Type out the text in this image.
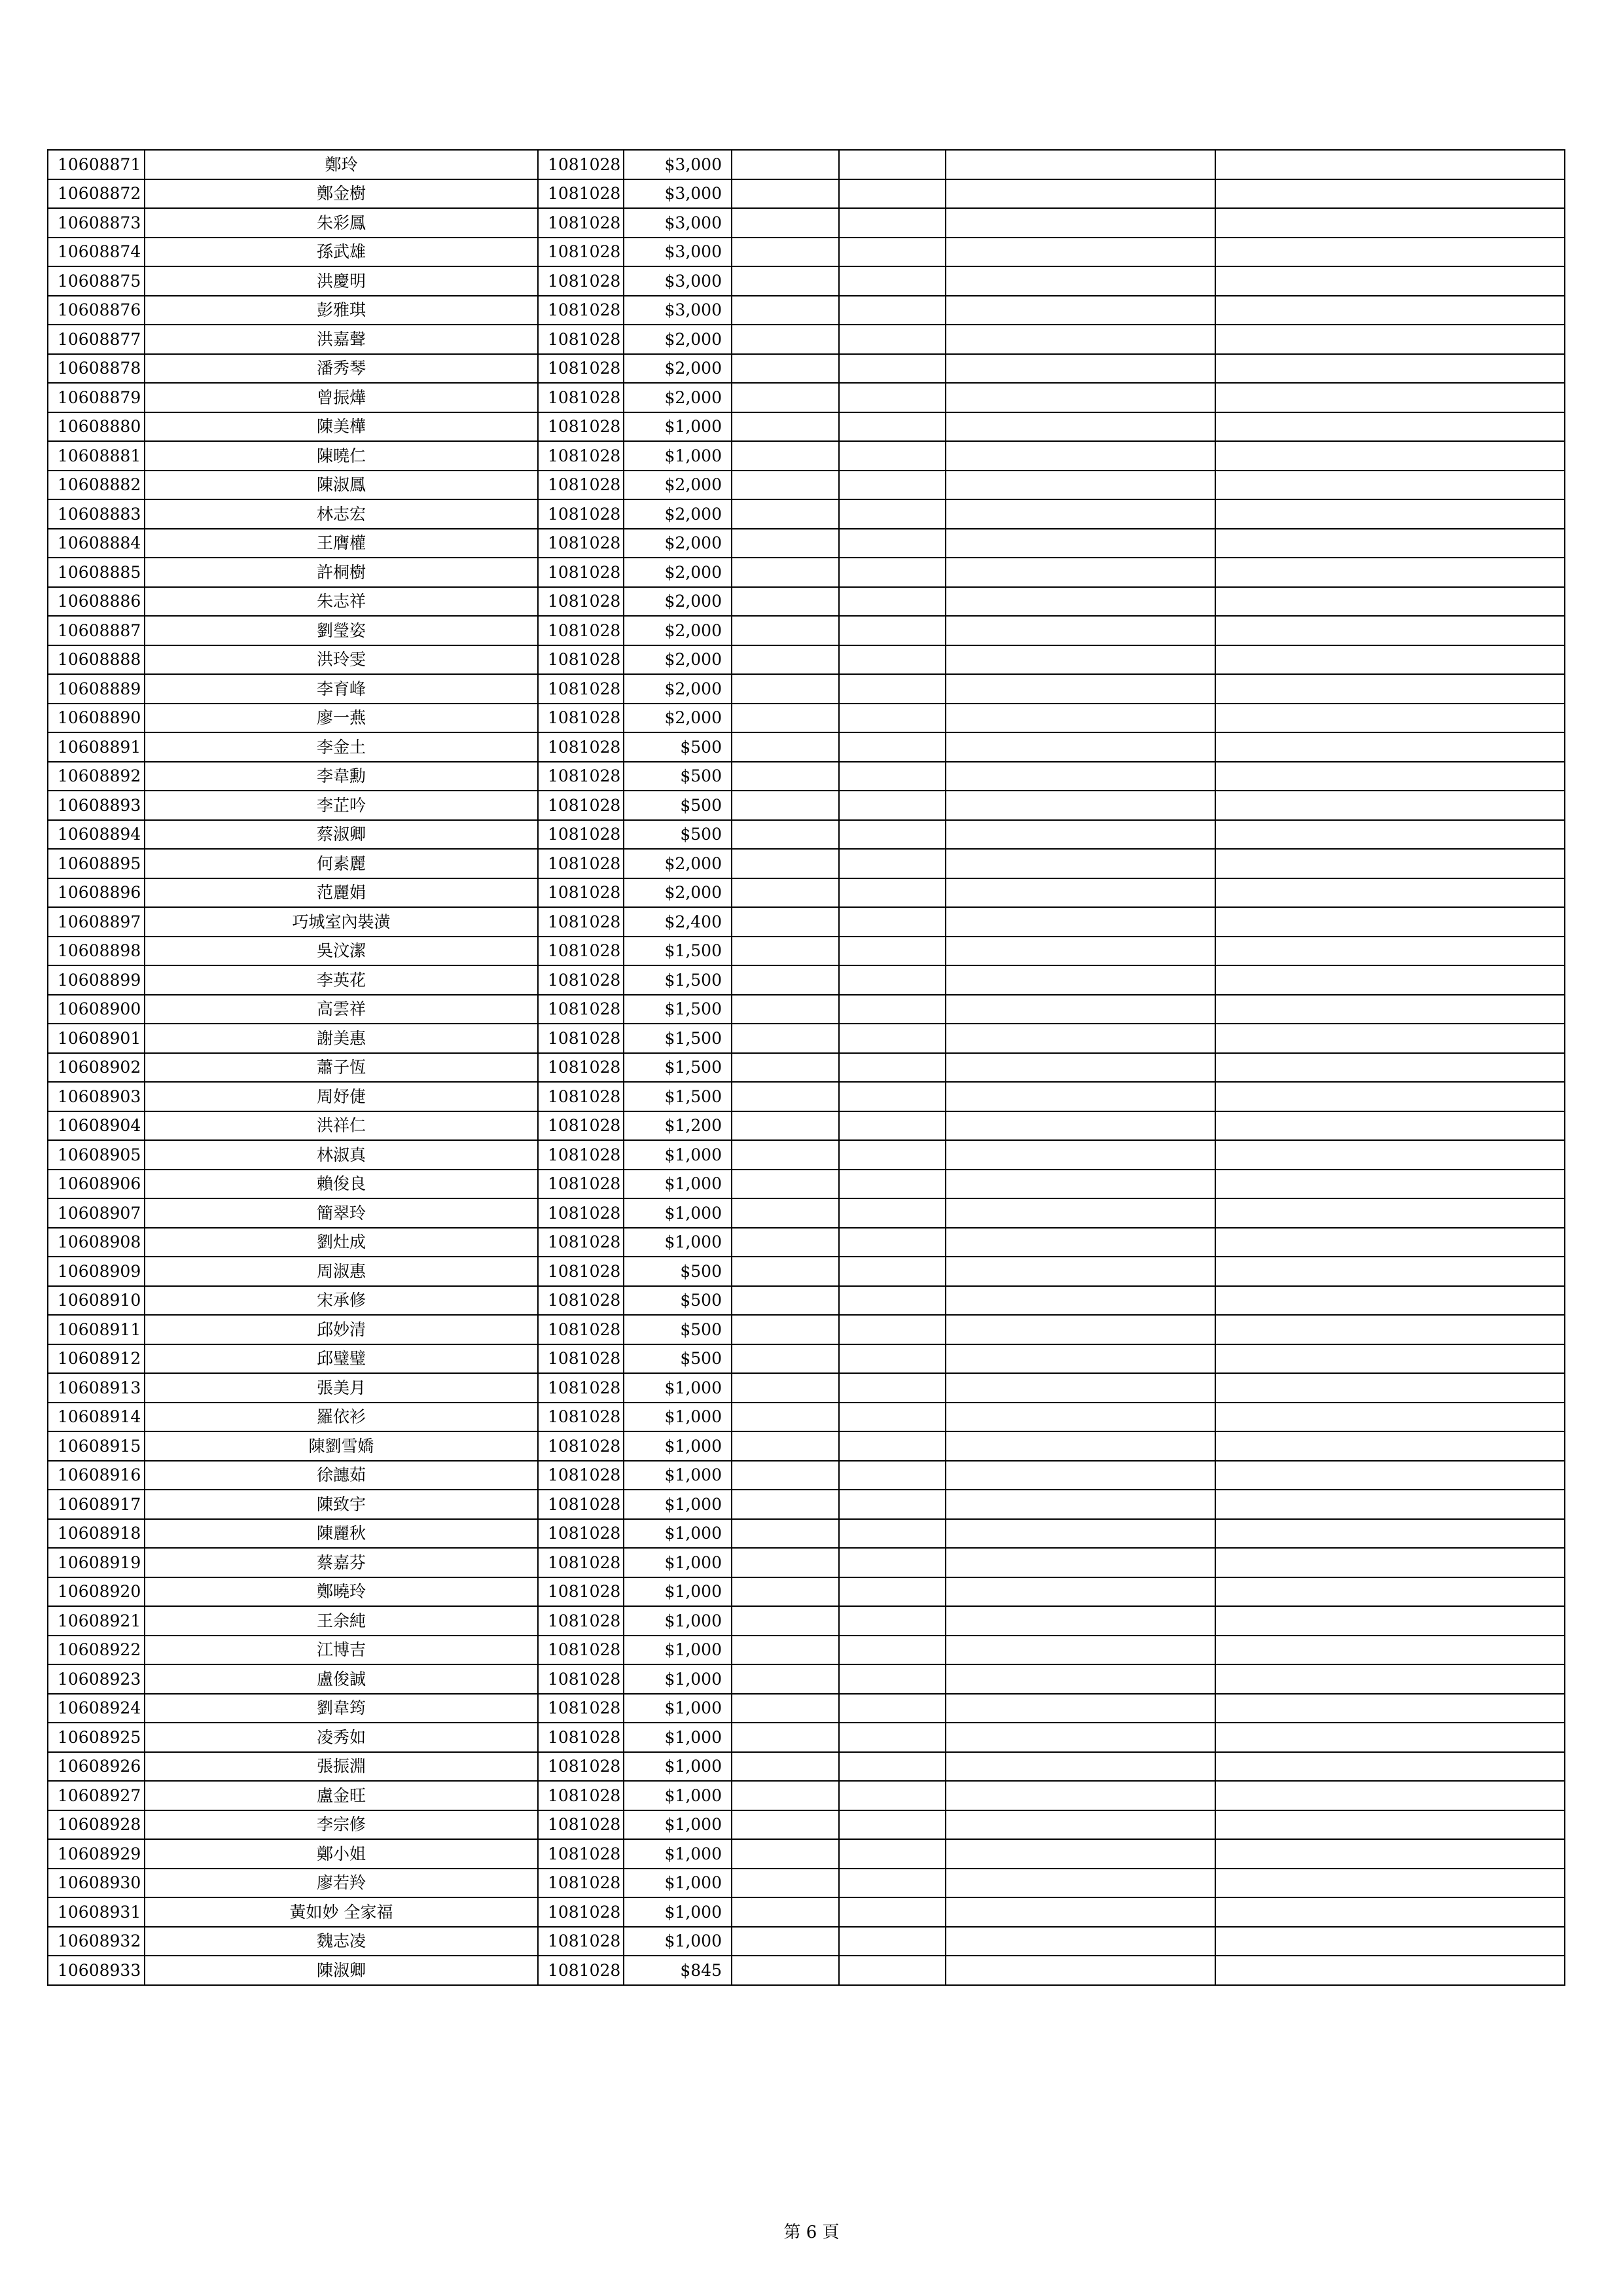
10608871	鄭玲	1081028	$3,000				
10608872	鄭金樹	1081028	$3,000				
10608873	朱彩鳳	1081028	$3,000				
10608874	孫武雄	1081028	$3,000				
10608875	洪慶明	1081028	$3,000				
10608876	彭雅琪	1081028	$3,000				
10608877	洪嘉聲	1081028	$2,000				
10608878	潘秀琴	1081028	$2,000				
10608879	曾振燁	1081028	$2,000				
10608880	陳美樺	1081028	$1,000				
10608881	陳曉仁	1081028	$1,000				
10608882	陳淑鳳	1081028	$2,000				
10608883	林志宏	1081028	$2,000				
10608884	王膺權	1081028	$2,000				
10608885	許桐樹	1081028	$2,000				
10608886	朱志祥	1081028	$2,000				
10608887	劉瑩姿	1081028	$2,000				
10608888	洪玲雯	1081028	$2,000				
10608889	李育峰	1081028	$2,000				
10608890	廖一燕	1081028	$2,000				
10608891	李金土	1081028	$500				
10608892	李韋勳	1081028	$500				
10608893	李芷吟	1081028	$500				
10608894	蔡淑卿	1081028	$500				
10608895	何素麗	1081028	$2,000				
10608896	范麗娟	1081028	$2,000				
10608897	巧城室內裝潢	1081028	$2,400				
10608898	吳汶潔	1081028	$1,500				
10608899	李英花	1081028	$1,500				
10608900	高雲祥	1081028	$1,500				
10608901	謝美惠	1081028	$1,500				
10608902	蕭子恆	1081028	$1,500				
10608903	周妤倢	1081028	$1,500				
10608904	洪祥仁	1081028	$1,200				
10608905	林淑真	1081028	$1,000				
10608906	賴俊良	1081028	$1,000				
10608907	簡翠玲	1081028	$1,000				
10608908	劉灶成	1081028	$1,000				
10608909	周淑惠	1081028	$500				
10608910	宋承修	1081028	$500				
10608911	邱妙清	1081028	$500				
10608912	邱璧璧	1081028	$500				
10608913	張美月	1081028	$1,000				
10608914	羅依衫	1081028	$1,000				
10608915	陳劉雪嬌	1081028	$1,000				
10608916	徐譓茹	1081028	$1,000				
10608917	陳致宇	1081028	$1,000				
10608918	陳麗秋	1081028	$1,000				
10608919	蔡嘉芬	1081028	$1,000				
10608920	鄭曉玲	1081028	$1,000				
10608921	王余純	1081028	$1,000				
10608922	江博吉	1081028	$1,000				
10608923	盧俊誠	1081028	$1,000				
10608924	劉韋筠	1081028	$1,000				
10608925	凌秀如	1081028	$1,000				
10608926	張振淵	1081028	$1,000				
10608927	盧金旺	1081028	$1,000				
10608928	李宗修	1081028	$1,000				
10608929	鄭小姐	1081028	$1,000				
10608930	廖若羚	1081028	$1,000				
10608931	黃如妙 全家福	1081028	$1,000				
10608932	魏志凌	1081028	$1,000				
10608933	陳淑卿	1081028	$845				
第 6 頁
